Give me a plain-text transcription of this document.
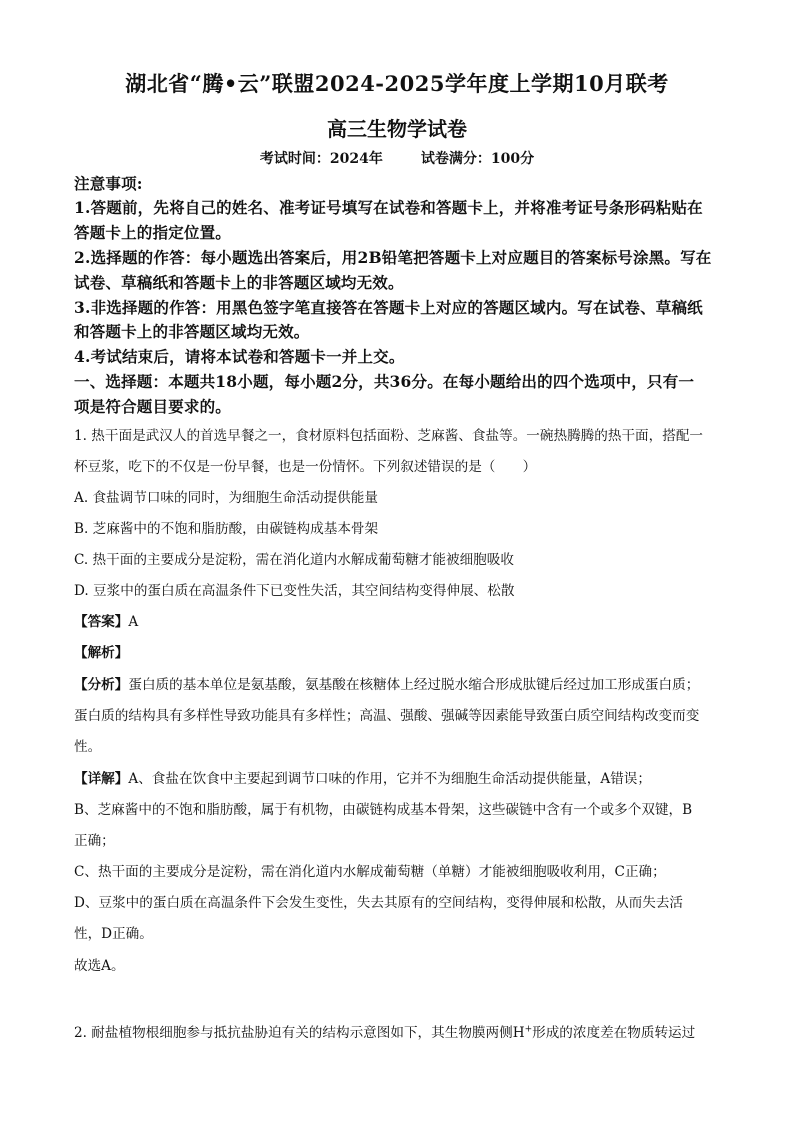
湖北省“腾•云”联盟2024-2025学年度上学期10月联考
高三生物学试卷
考试时间：2024年	试卷满分：100分
注意事项:
1.答题前，先将自己的姓名、准考证号填写在试卷和答题卡上，并将准考证号条形码粘贴在
答题卡上的指定位置。
2.选择题的作答：每小题选出答案后，用2B铅笔把答题卡上对应题目的答案标号涂黑。写在
试卷、草稿纸和答题卡上的非答题区域均无效。
3.非选择题的作答：用黑色签字笔直接答在答题卡上对应的答题区域内。写在试卷、草稿纸
和答题卡上的非答题区域均无效。
4.考试结束后，请将本试卷和答题卡一并上交。
一、选择题：本题共18小题，每小题2分，共36分。在每小题给出的四个选项中，只有一
项是符合题目要求的。
1. 热干面是武汉人的首选早餐之一，食材原料包括面粉、芝麻酱、食盐等。一碗热腾腾的热干面，搭配一
杯豆浆，吃下的不仅是一份早餐，也是一份情怀。下列叙述错误的是（　　）
A. 食盐调节口味的同时，为细胞生命活动提供能量
B. 芝麻酱中的不饱和脂肪酸，由碳链构成基本骨架
C. 热干面的主要成分是淀粉，需在消化道内水解成葡萄糖才能被细胞吸收
D. 豆浆中的蛋白质在高温条件下已变性失活，其空间结构变得伸展、松散
【答案】A
【解析】
【分析】蛋白质的基本单位是氨基酸，氨基酸在核糖体上经过脱水缩合形成肽键后经过加工形成蛋白质；
蛋白质的结构具有多样性导致功能具有多样性；高温、强酸、强碱等因素能导致蛋白质空间结构改变而变
性。
【详解】A、食盐在饮食中主要起到调节口味的作用，它并不为细胞生命活动提供能量，A错误；
B、芝麻酱中的不饱和脂肪酸，属于有机物，由碳链构成基本骨架，这些碳链中含有一个或多个双键，B
正确；
C、热干面的主要成分是淀粉，需在消化道内水解成葡萄糖（单糖）才能被细胞吸收利用，C正确；
D、豆浆中的蛋白质在高温条件下会发生变性，失去其原有的空间结构，变得伸展和松散，从而失去活
性，D正确。
故选A。
2. 耐盐植物根细胞参与抵抗盐胁迫有关的结构示意图如下，其生物膜两侧H+形成的浓度差在物质转运过
